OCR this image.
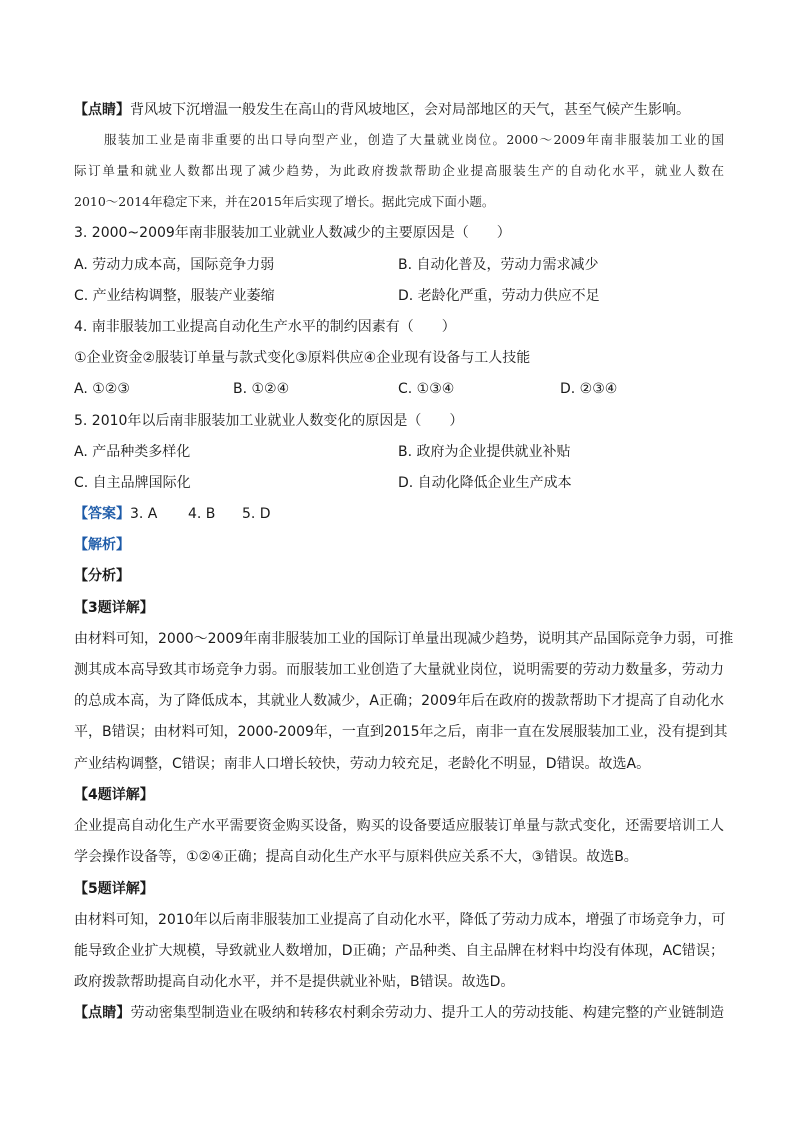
【点睛】背风坡下沉增温一般发生在高山的背风坡地区，会对局部地区的天气，甚至气候产生影响。
服装加工业是南非重要的出口导向型产业，创造了大量就业岗位。2000～2009年南非服装加工业的国
际订单量和就业人数都出现了减少趋势，为此政府拨款帮助企业提高服装生产的自动化水平，就业人数在
2010～2014年稳定下来，并在2015年后实现了增长。据此完成下面小题。
3. 2000~2009年南非服装加工业就业人数减少的主要原因是（　　）
A. 劳动力成本高，国际竞争力弱	B. 自动化普及，劳动力需求减少
C. 产业结构调整，服装产业萎缩	D. 老龄化严重，劳动力供应不足
4. 南非服装加工业提高自动化生产水平的制约因素有（　　）
①企业资金②服装订单量与款式变化③原料供应④企业现有设备与工人技能
A. ①②③	B. ①②④	C. ①③④	D. ②③④
5. 2010年以后南非服装加工业就业人数变化的原因是（　　）
A. 产品种类多样化	B. 政府为企业提供就业补贴
C. 自主品牌国际化	D. 自动化降低企业生产成本
【答案】3. A 4. B 5. D
【解析】
【分析】
【3题详解】
由材料可知，2000～2009年南非服装加工业的国际订单量出现减少趋势，说明其产品国际竞争力弱，可推
测其成本高导致其市场竞争力弱。而服装加工业创造了大量就业岗位，说明需要的劳动力数量多，劳动力
的总成本高，为了降低成本，其就业人数减少，A正确；2009年后在政府的拨款帮助下才提高了自动化水
平，B错误；由材料可知，2000-2009年，一直到2015年之后，南非一直在发展服装加工业，没有提到其
产业结构调整，C错误；南非人口增长较快，劳动力较充足，老龄化不明显，D错误。故选A。
【4题详解】
企业提高自动化生产水平需要资金购买设备，购买的设备要适应服装订单量与款式变化，还需要培训工人
学会操作设备等，①②④正确；提高自动化生产水平与原料供应关系不大，③错误。故选B。
【5题详解】
由材料可知，2010年以后南非服装加工业提高了自动化水平，降低了劳动力成本，增强了市场竞争力，可
能导致企业扩大规模，导致就业人数增加，D正确；产品种类、自主品牌在材料中均没有体现，AC错误；
政府拨款帮助提高自动化水平，并不是提供就业补贴，B错误。故选D。
【点睛】劳动密集型制造业在吸纳和转移农村剩余劳动力、提升工人的劳动技能、构建完整的产业链制造
